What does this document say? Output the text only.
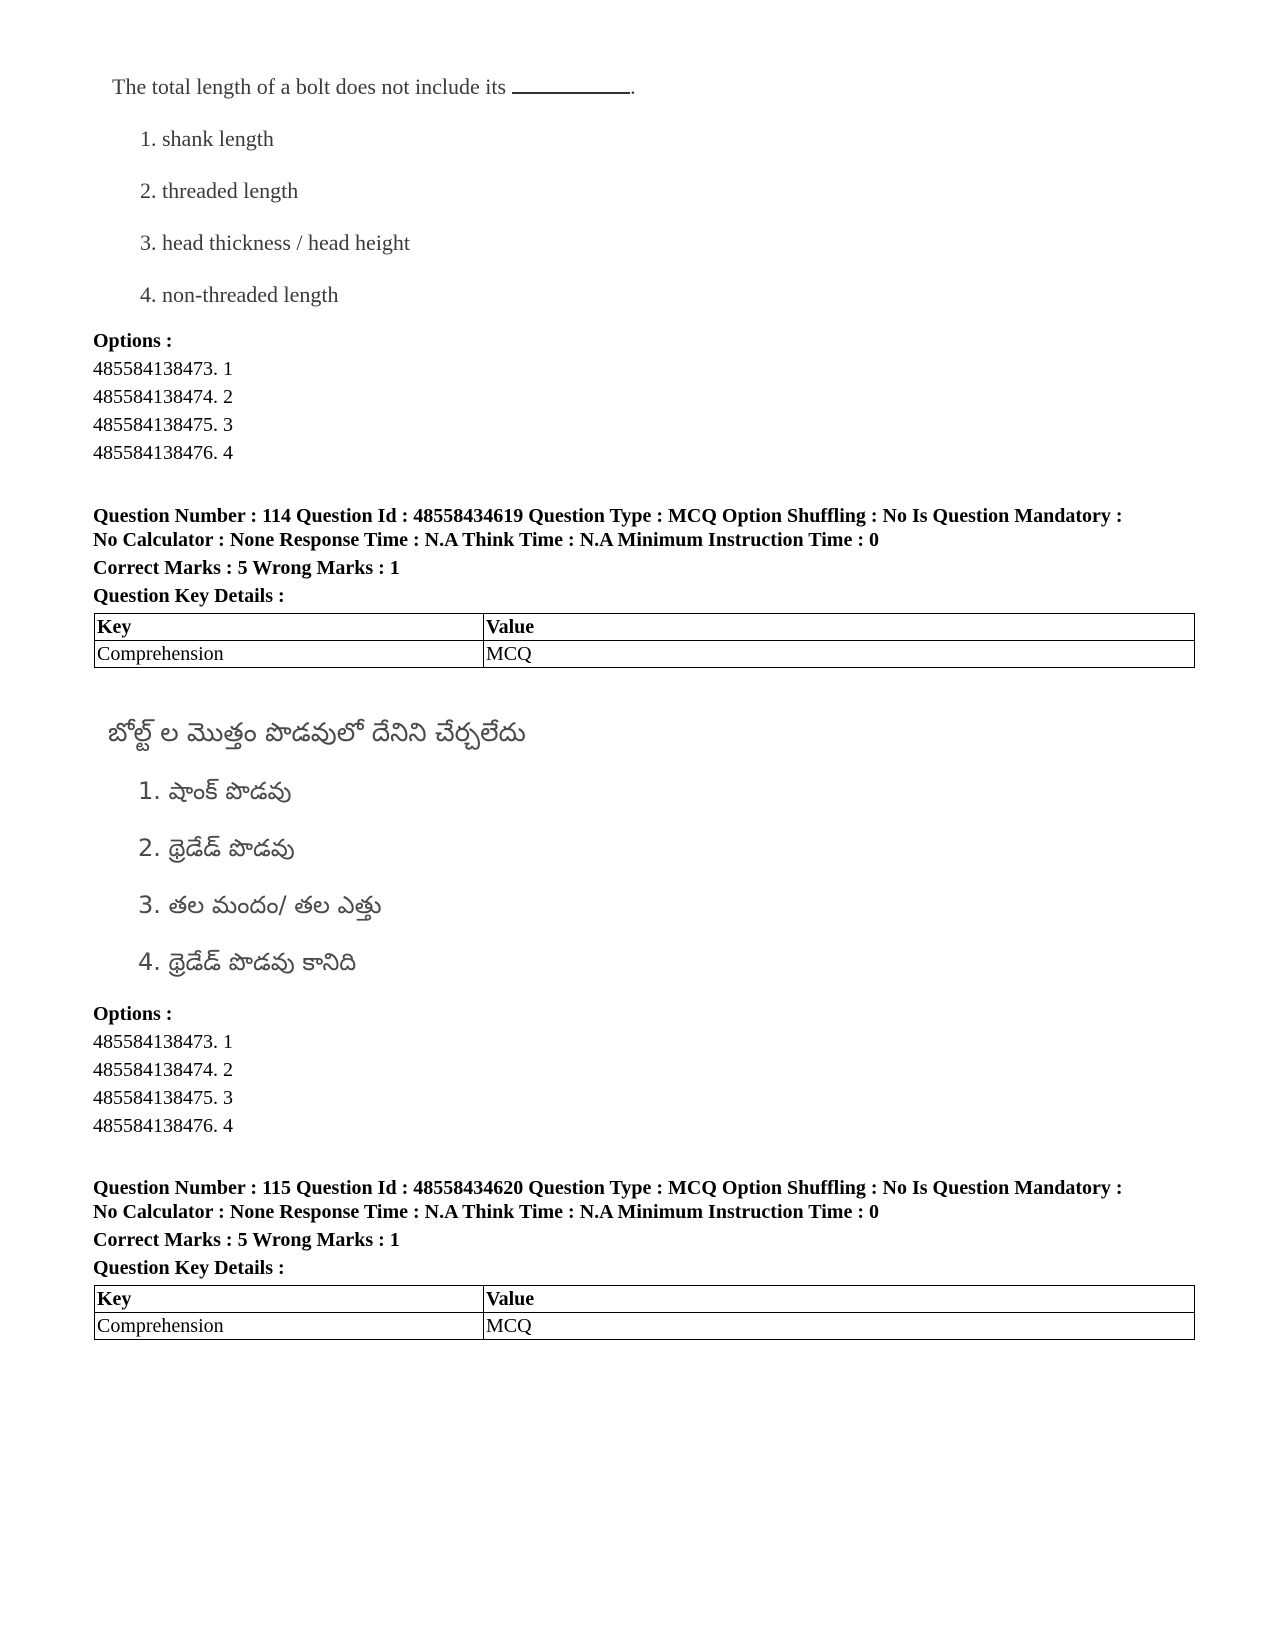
The total length of a bolt does not include its	.
1. shank length
2. threaded length
3. head thickness / head height
4. non-threaded length
Options :
485584138473. 1
485584138474. 2
485584138475. 3
485584138476. 4
Question Number : 114 Question Id : 48558434619 Question Type : MCQ Option Shuffling : No Is Question Mandatory :
No Calculator : None Response Time : N.A Think Time : N.A Minimum Instruction Time : 0
Correct Marks : 5 Wrong Marks : 1
Question Key Details :
Key	Value
Comprehension	MCQ
బోల్ట్ ల మొత్తం పొడవులో దేనిని చేర్చలేదు
1. షాంక్ పొడవు
2. థ్రెడేడ్ పొడవు
3. తల మందం/ తల ఎత్తు
4. థ్రెడేడ్ పొడవు కానిది
Options :
485584138473. 1
485584138474. 2
485584138475. 3
485584138476. 4
Question Number : 115 Question Id : 48558434620 Question Type : MCQ Option Shuffling : No Is Question Mandatory :
No Calculator : None Response Time : N.A Think Time : N.A Minimum Instruction Time : 0
Correct Marks : 5 Wrong Marks : 1
Question Key Details :
Key	Value
Comprehension	MCQ
